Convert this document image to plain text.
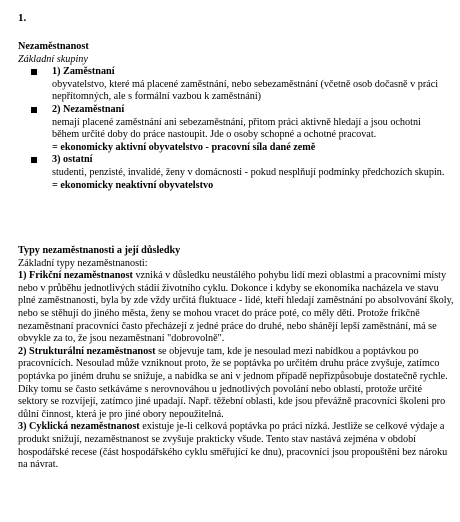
1.
Nezaměstnanost
Základní skupiny
1) Zaměstnaní
obyvatelstvo, které má placené zaměstnání, nebo sebezaměstnání (včetně osob dočasně v práci nepřítomných, ale s formální vazbou k zaměstnání)
2) Nezaměstnaní
nemají placené zaměstnání ani sebezaměstnání, přitom práci aktivně hledají a jsou ochotni během určité doby do práce nastoupit. Jde o osoby schopné a ochotné pracovat.
= ekonomicky aktivní obyvatelstvo - pracovní síla dané země
3) ostatní
studenti, penzisté, invalidé, ženy v domácnosti - pokud nesplňují podmínky předchozích skupin.
= ekonomicky neaktivní obyvatelstvo
Typy nezaměstnanosti a její důsledky
Základní typy nezaměstnanosti:

1) Frikční nezaměstnanost vzniká v důsledku neustálého pohybu lidí mezi oblastmi a pracovními místy nebo v průběhu jednotlivých stádií životního cyklu. Dokonce i kdyby se ekonomika nacházela ve stavu plné zaměstnanosti, byla by zde vždy určitá fluktuace - lidé, kteří hledají zaměstnání po absolvování školy, nebo se stěhují do jiného města, ženy se mohou vracet do práce poté, co měly děti. Protože frikčně nezaměstnaní pracovníci často přecházejí z jedné práce do druhé, nebo shánějí lepší zaměstnání, má se obvykle za to, že jsou nezaměstnaní "dobrovolně".

2) Strukturální nezaměstnanost se objevuje tam, kde je nesoulad mezi nabídkou a poptávkou po pracovnících. Nesoulad může vzniknout proto, že se poptávka po určitém druhu práce zvyšuje, zatímco poptávka po jiném druhu se snižuje, a nabídka se ani v jednom případě nepřizpůsobuje dostatečně rychle. Díky tomu se často setkáváme s nerovnováhou u jednotlivých povolání nebo oblastí, protože určité sektory se rozvíjejí, zatímco jiné upadají. Např. těžební oblasti, kde jsou převážně pracovníci školeni pro důlní činnost, která je pro jiné obory nepoužitelná.

3) Cyklická nezaměstnanost existuje je-li celková poptávka po práci nízká. Jestliže se celkové výdaje a produkt snižují, nezaměstnanost se zvyšuje prakticky všude. Tento stav nastává zejména v období hospodářské recese (část hospodářského cyklu směřující ke dnu), pracovníci jsou propouštěni bez nároku na návrat.
